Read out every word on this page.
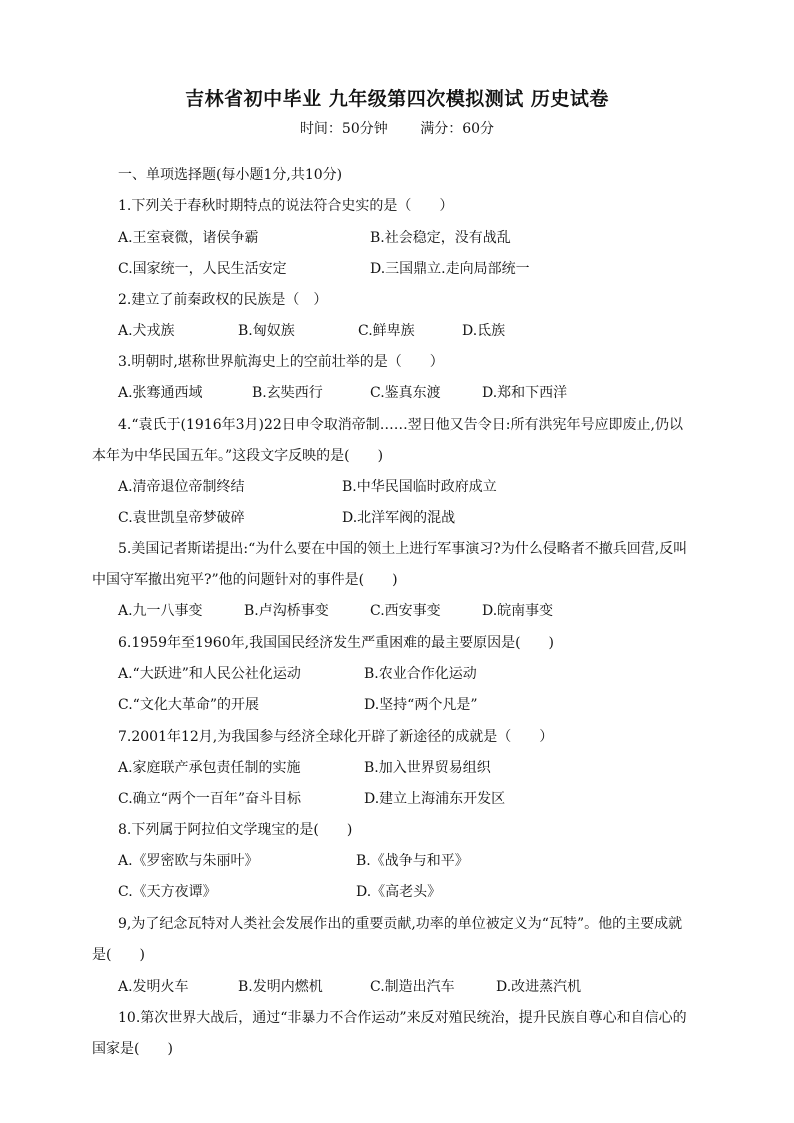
吉林省初中毕业 九年级第四次模拟测试 历史试卷
时间：50分钟 满分：60分
一、单项选择题(每小题1分,共10分)
1.下列关于春秋时期特点的说法符合史实的是（　　）
A.王室衰微，诸侯争霸	B.社会稳定，没有战乱
C.国家统一，人民生活安定	D.三国鼎立.走向局部统一
2.建立了前秦政权的民族是（　）
A.犬戎族	B.匈奴族	C.鲜卑族	D.氐族
3.明朝时,堪称世界航海史上的空前壮举的是（　　）
A.张骞通西域	B.玄奘西行	C.鉴真东渡	D.郑和下西洋
4.“袁氏于(1916年3月)22日申令取消帝制……翌日他又告令日:所有洪宪年号应即废止,仍以
本年为中华民国五年。”这段文字反映的是(　　)
A.清帝退位帝制终结	B.中华民国临时政府成立
C.袁世凯皇帝梦破碎	D.北洋军阀的混战
5.美国记者斯诺提出:“为什么要在中国的领土上进行军事演习?为什么侵略者不撤兵回营,反叫
中国守军撤出宛平?”他的问题针对的事件是(　　)
A.九一八事变	B.卢沟桥事变	C.西安事变	D.皖南事变
6.1959年至1960年,我国国民经济发生严重困难的最主要原因是(　　)
A.“大跃进”和人民公社化运动	B.农业合作化运动
C.“文化大革命”的开展	D.坚持“两个凡是”
7.2001年12月,为我国参与经济全球化开辟了新途径的成就是（　　）
A.家庭联产承包责任制的实施	B.加入世界贸易组织
C.确立“两个一百年”奋斗目标	D.建立上海浦东开发区
8.下列属于阿拉伯文学瑰宝的是(　　)
A.《罗密欧与朱丽叶》	B.《战争与和平》
C.《天方夜谭》	D.《高老头》
9,为了纪念瓦特对人类社会发展作出的重要贡献,功率的单位被定义为“瓦特”。他的主要成就
是(　　)
A.发明火车	B.发明内燃机	C.制造出汽车	D.改进蒸汽机
10.第次世界大战后，通过“非暴力不合作运动”来反对殖民统治，提升民族自尊心和自信心的
国家是(　　)
